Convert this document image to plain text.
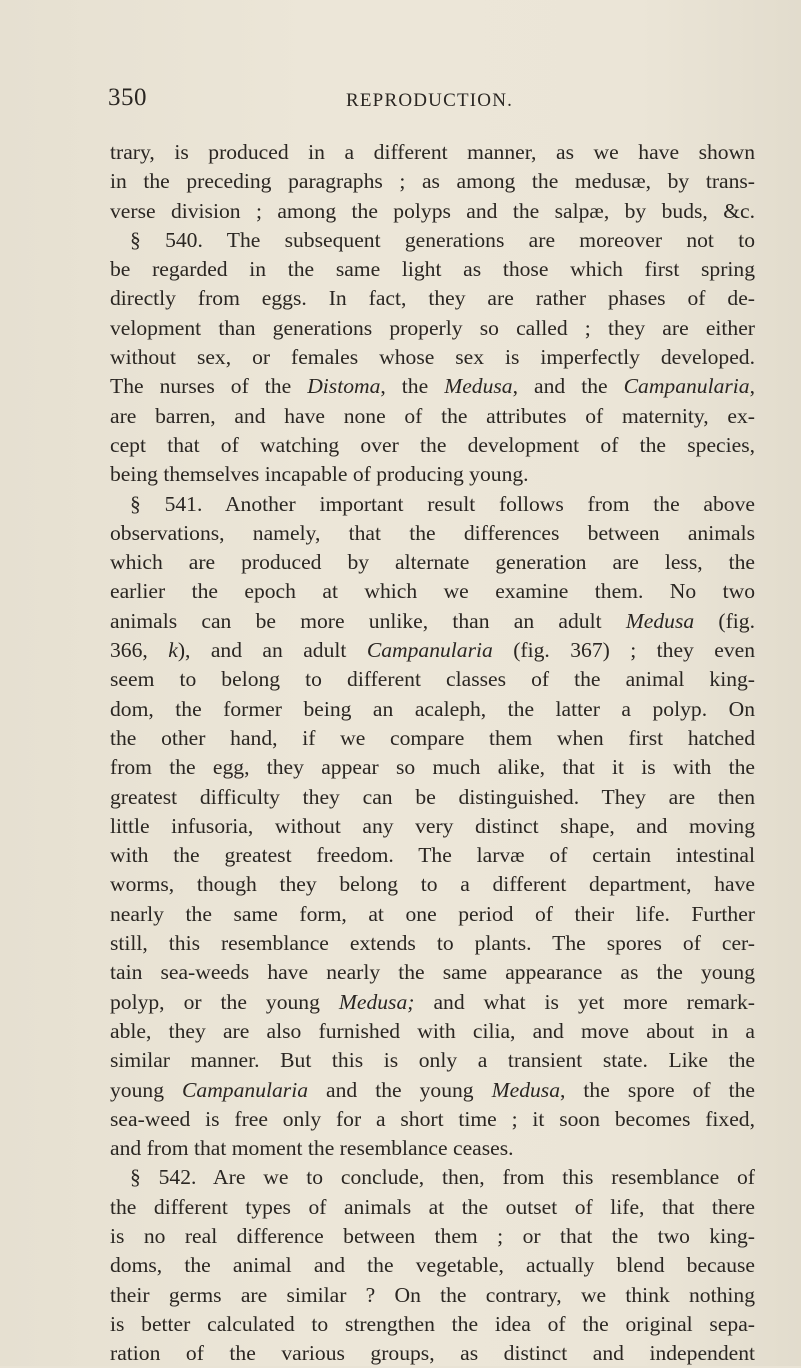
350	REPRODUCTION.
trary, is produced in a different manner, as we have shown
in the preceding paragraphs ; as among the medusæ, by trans-
verse division ; among the polyps and the salpæ, by buds, &c.
§ 540. The subsequent generations are moreover not to
be regarded in the same light as those which first spring
directly from eggs. In fact, they are rather phases of de-
velopment than generations properly so called ; they are either
without sex, or females whose sex is imperfectly developed.
The nurses of the Distoma, the Medusa, and the Campanularia,
are barren, and have none of the attributes of maternity, ex-
cept that of watching over the development of the species,
being themselves incapable of producing young.
§ 541. Another important result follows from the above
observations, namely, that the differences between animals
which are produced by alternate generation are less, the
earlier the epoch at which we examine them. No two
animals can be more unlike, than an adult Medusa (fig.
366, k), and an adult Campanularia (fig. 367) ; they even
seem to belong to different classes of the animal king-
dom, the former being an acaleph, the latter a polyp. On
the other hand, if we compare them when first hatched
from the egg, they appear so much alike, that it is with the
greatest difficulty they can be distinguished. They are then
little infusoria, without any very distinct shape, and moving
with the greatest freedom. The larvæ of certain intestinal
worms, though they belong to a different department, have
nearly the same form, at one period of their life. Further
still, this resemblance extends to plants. The spores of cer-
tain sea-weeds have nearly the same appearance as the young
polyp, or the young Medusa; and what is yet more remark-
able, they are also furnished with cilia, and move about in a
similar manner. But this is only a transient state. Like the
young Campanularia and the young Medusa, the spore of the
sea-weed is free only for a short time ; it soon becomes fixed,
and from that moment the resemblance ceases.
§ 542. Are we to conclude, then, from this resemblance of
the different types of animals at the outset of life, that there
is no real difference between them ; or that the two king-
doms, the animal and the vegetable, actually blend because
their germs are similar ? On the contrary, we think nothing
is better calculated to strengthen the idea of the original sepa-
ration of the various groups, as distinct and independent
